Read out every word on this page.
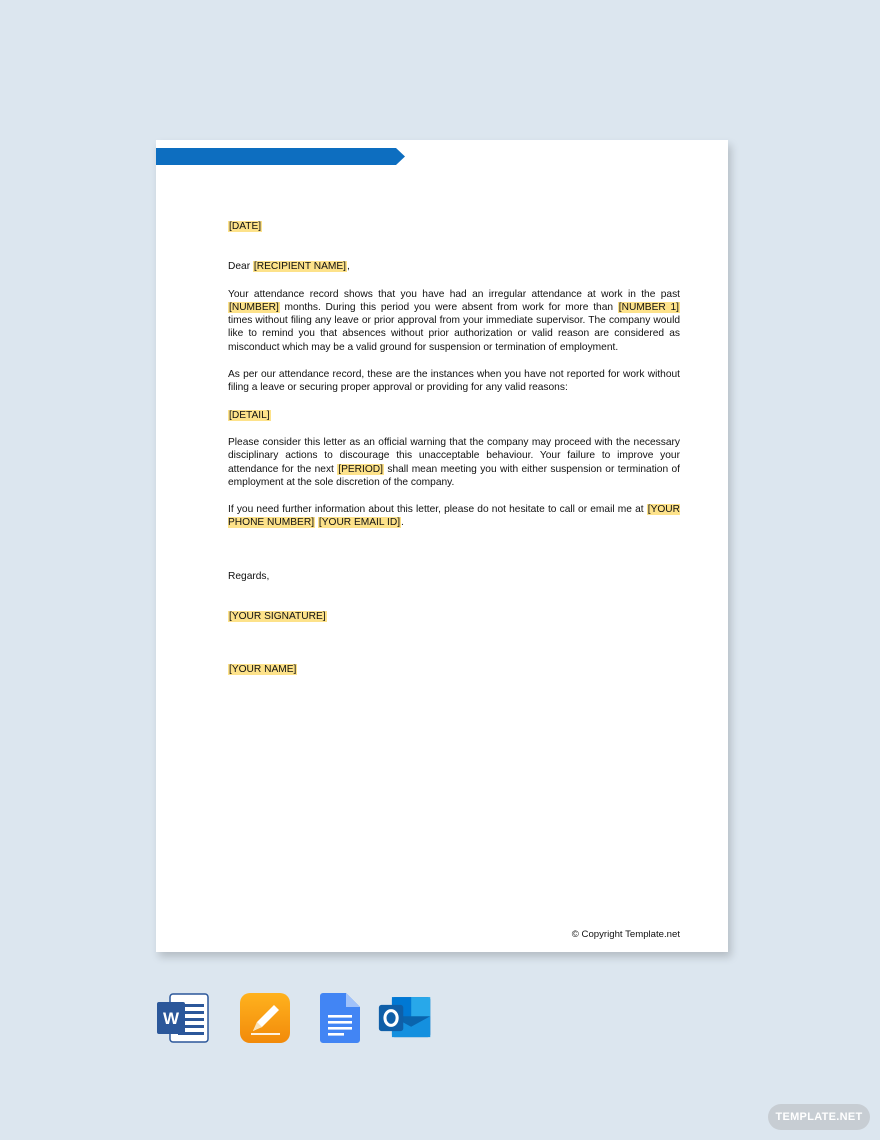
[DATE]

Dear [RECIPIENT NAME],

Your attendance record shows that you have had an irregular attendance at work in the past [NUMBER] months. During this period you were absent from work for more than [NUMBER 1] times without filing any leave or prior approval from your immediate supervisor. The company would like to remind you that absences without prior authorization or valid reason are considered as misconduct which may be a valid ground for suspension or termination of employment.

As per our attendance record, these are the instances when you have not reported for work without filing a leave or securing proper approval or providing for any valid reasons:

[DETAIL]

Please consider this letter as an official warning that the company may proceed with the necessary disciplinary actions to discourage this unacceptable behaviour. Your failure to improve your attendance for the next [PERIOD] shall mean meeting you with either suspension or termination of employment at the sole discretion of the company.

If you need further information about this letter, please do not hesitate to call or email me at [YOUR PHONE NUMBER] [YOUR EMAIL ID].

Regards,

[YOUR SIGNATURE]

[YOUR NAME]

© Copyright Template.net
W
TEMPLATE.NET
